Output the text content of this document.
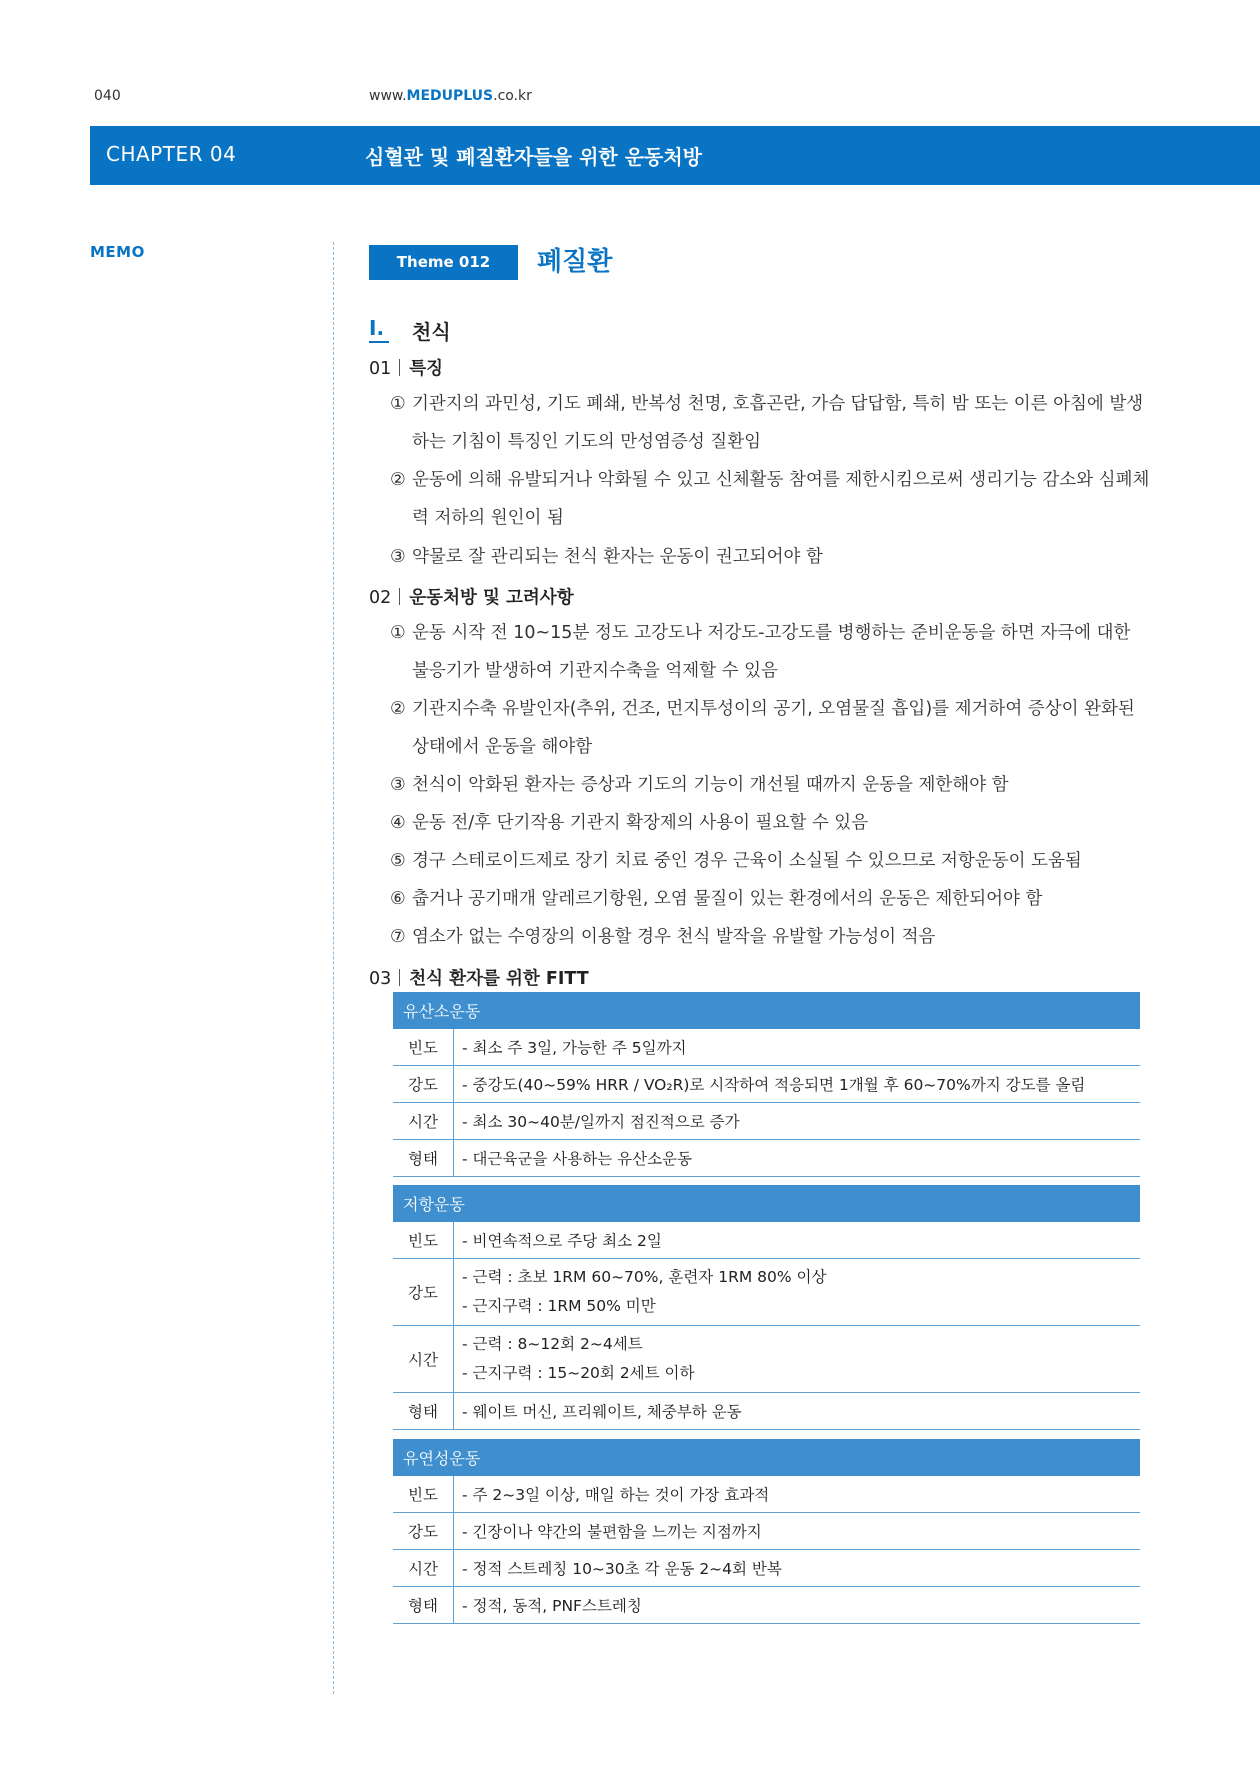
040	www.MEDUPLUS.co.kr
CHAPTER 04	심혈관 및 폐질환자들을 위한 운동처방
MEMO
Theme 012	폐질환
Ⅰ. 천식
01 특징
① 기관지의 과민성, 기도 폐쇄, 반복성 천명, 호흡곤란, 가슴 답답함, 특히 밤 또는 이른 아침에 발생하는 기침이 특징인 기도의 만성염증성 질환임
② 운동에 의해 유발되거나 악화될 수 있고 신체활동 참여를 제한시킴으로써 생리기능 감소와 심폐체력 저하의 원인이 됨
③ 약물로 잘 관리되는 천식 환자는 운동이 권고되어야 함
02 운동처방 및 고려사항
① 운동 시작 전 10~15분 정도 고강도나 저강도-고강도를 병행하는 준비운동을 하면 자극에 대한 불응기가 발생하여 기관지수축을 억제할 수 있음
② 기관지수축 유발인자(추위, 건조, 먼지투성이의 공기, 오염물질 흡입)를 제거하여 증상이 완화된 상태에서 운동을 해야함
③ 천식이 악화된 환자는 증상과 기도의 기능이 개선될 때까지 운동을 제한해야 함
④ 운동 전/후 단기작용 기관지 확장제의 사용이 필요할 수 있음
⑤ 경구 스테로이드제로 장기 치료 중인 경우 근육이 소실될 수 있으므로 저항운동이 도움됨
⑥ 춥거나 공기매개 알레르기항원, 오염 물질이 있는 환경에서의 운동은 제한되어야 함
⑦ 염소가 없는 수영장의 이용할 경우 천식 발작을 유발할 가능성이 적음
03 천식 환자를 위한 FITT
유산소운동	
빈도	- 최소 주 3일, 가능한 주 5일까지
강도	- 중강도(40~59% HRR / VO₂R)로 시작하여 적응되면 1개월 후 60~70%까지 강도를 올림
시간	- 최소 30~40분/일까지 점진적으로 증가
형태	- 대근육군을 사용하는 유산소운동
저항운동	
빈도	- 비연속적으로 주당 최소 2일
강도	- 근력 : 초보 1RM 60~70%, 훈련자 1RM 80% 이상
- 근지구력 : 1RM 50% 미만

시간	- 근력 : 8~12회 2~4세트
- 근지구력 : 15~20회 2세트 이하

형태	- 웨이트 머신, 프리웨이트, 체중부하 운동
유연성운동	
빈도	- 주 2~3일 이상, 매일 하는 것이 가장 효과적
강도	- 긴장이나 약간의 불편함을 느끼는 지점까지
시간	- 정적 스트레칭 10~30초 각 운동 2~4회 반복
형태	- 정적, 동적, PNF스트레칭
